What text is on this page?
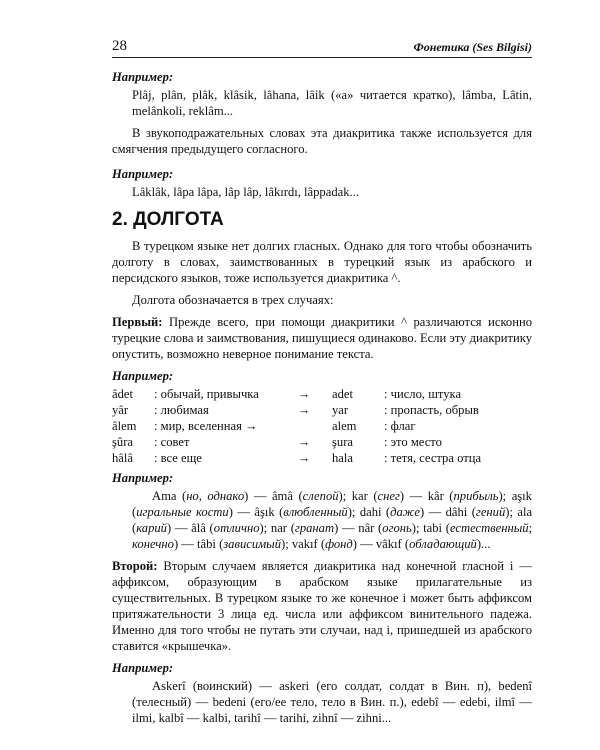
28	Фонетика (Ses Bilgisi)
Например:
Plâj, plân, plâk, klâsik, lâhana, lâik («a» читается кратко), lâmba, Lâtin, melânkoli, reklâm...

В звукоподражательных словах эта диакритика также используется для смягчения предыдущего согласного.

Например:
Lâklâk, lâpa lâpa, lâp lâp, lâkırdı, lâppadak...
2. ДОЛГОТА

В турецком языке нет долгих гласных. Однако для того чтобы обозначить долготу в словах, заимствованных в турецкий язык из арабского и персидского языков, тоже используется диакритика ^.

Долгота обозначается в трех случаях:

Первый: Прежде всего, при помощи диакритики ^ различаются исконно турецкие слова и заимствования, пишущиеся одинаково. Если эту диакритику опустить, возможно неверное понимание текста.

Например:
âdet	: обычай, привычка	→	adet	: число, штука
yâr	: любимая	→	yar	: пропасть, обрыв
âlem	: мир, вселенная →		alem	: флаг
şûra	: совет	→	şura	: это место
hâlâ	: все еще	→	hala	: тетя, сестра отца
Например:
Ama (но, однако) — âmâ (слепой); kar (снег) — kâr (прибыль); aşık (игральные кости) — âşık (влюбленный); dahi (даже) — dâhi (гений); ala (карий) — âlâ (отлично); nar (гранат) — nâr (огонь); tabi (естественный; конечно) — tâbi (зависимый); vakıf (фонд) — vâkıf (обладающий)...

Второй: Вторым случаем является диакритика над конечной гласной i — аффиксом, образующим в арабском языке прилагательные из существительных. В турецком языке то же конечное i может быть аффиксом притяжательности 3 лица ед. числа или аффиксом винительного падежа. Именно для того чтобы не путать эти случаи, над i, пришедшей из арабского ставится «крышечка».

Например:
Askerî (воинский) — askeri (его солдат, солдат в Вин. п), bedenî (телесный) — bedeni (его/ее тело, тело в Вин. п.), edebî — edebi, ilmî — ilmi, kalbî — kalbi, tarihî — tarihi, zihnî — zihni...
